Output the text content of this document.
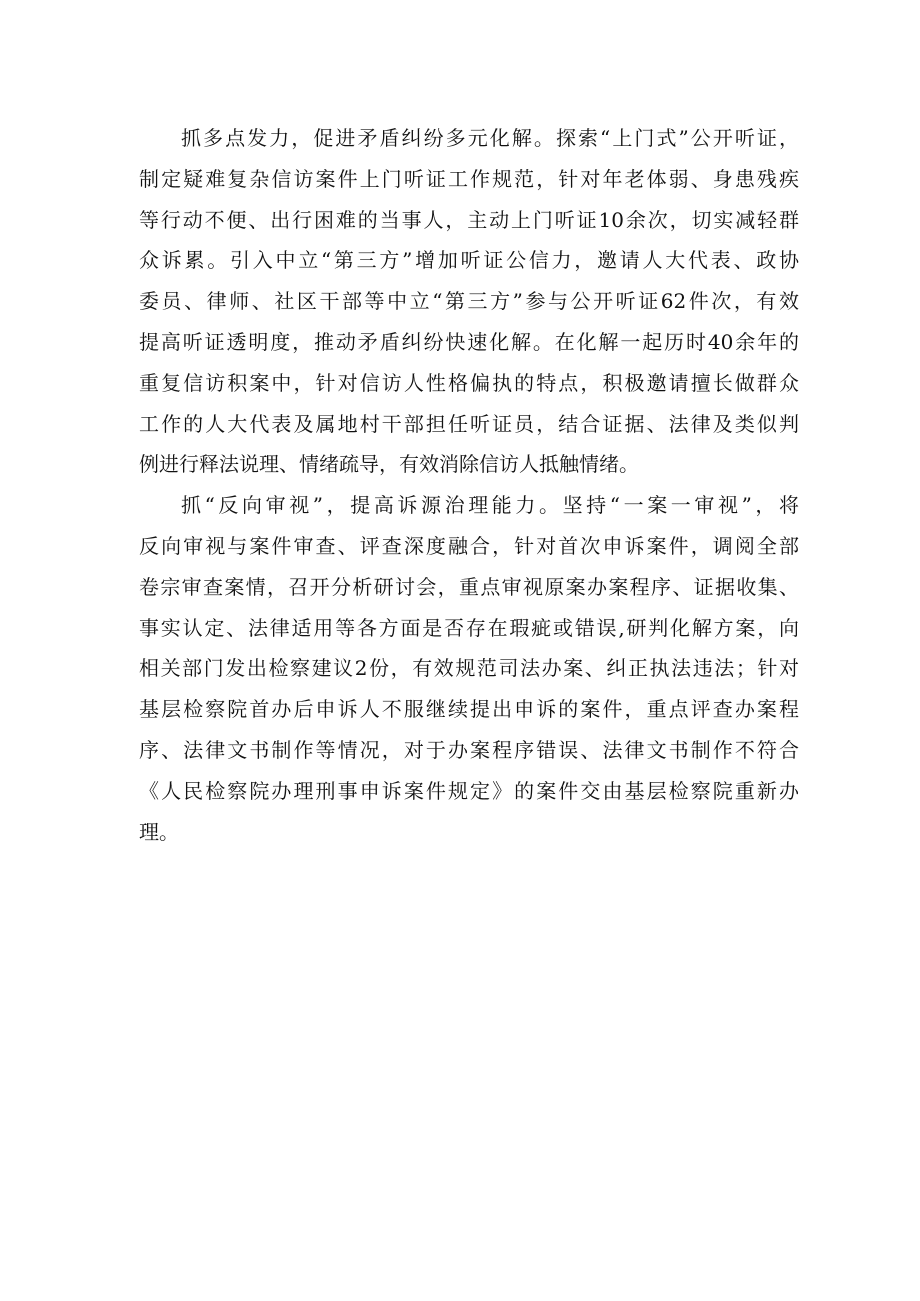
抓多点发力，促进矛盾纠纷多元化解。探索“上门式”公开听证，
制定疑难复杂信访案件上门听证工作规范，针对年老体弱、身患残疾
等行动不便、出行困难的当事人，主动上门听证10余次，切实减轻群
众诉累。引入中立“第三方”增加听证公信力，邀请人大代表、政协
委员、律师、社区干部等中立“第三方”参与公开听证62件次，有效
提高听证透明度，推动矛盾纠纷快速化解。在化解一起历时40余年的
重复信访积案中，针对信访人性格偏执的特点，积极邀请擅长做群众
工作的人大代表及属地村干部担任听证员，结合证据、法律及类似判
例进行释法说理、情绪疏导，有效消除信访人抵触情绪。
抓“反向审视”，提高诉源治理能力。坚持“一案一审视”，将
反向审视与案件审查、评查深度融合，针对首次申诉案件，调阅全部
卷宗审查案情，召开分析研讨会，重点审视原案办案程序、证据收集、
事实认定、法律适用等各方面是否存在瑕疵或错误,研判化解方案，向
相关部门发出检察建议2份，有效规范司法办案、纠正执法违法；针对
基层检察院首办后申诉人不服继续提出申诉的案件，重点评查办案程
序、法律文书制作等情况，对于办案程序错误、法律文书制作不符合
《人民检察院办理刑事申诉案件规定》的案件交由基层检察院重新办
理。
